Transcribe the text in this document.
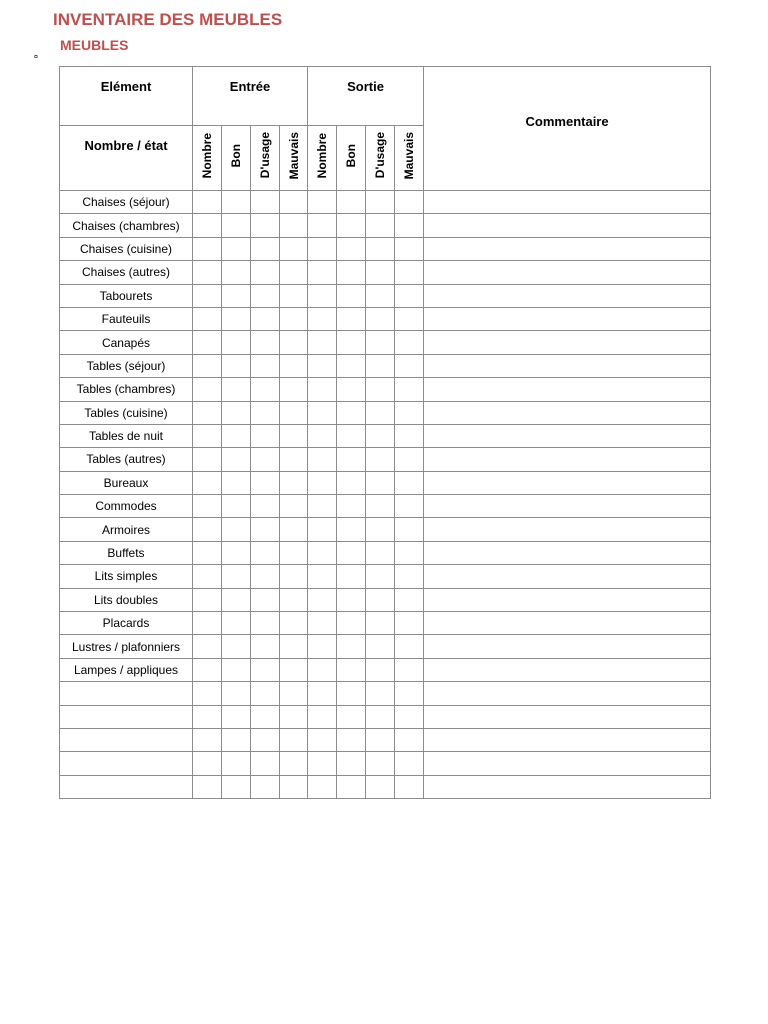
INVENTAIRE DES MEUBLES
MEUBLES
¤
Elément	Entrée				Sortie				Commentaire

Nombre / état	Nombre	Bon	D'usage	Mauvais	Nombre	Bon	D'usage	Mauvais	
Chaises (séjour)									
Chaises (chambres)									
Chaises (cuisine)									
Chaises (autres)									
Tabourets									
Fauteuils									
Canapés									
Tables (séjour)									
Tables (chambres)									
Tables (cuisine)									
Tables de nuit									
Tables (autres)									
Bureaux									
Commodes									
Armoires									
Buffets									
Lits simples									
Lits doubles									
Placards									
Lustres / plafonniers									
Lampes / appliques									
